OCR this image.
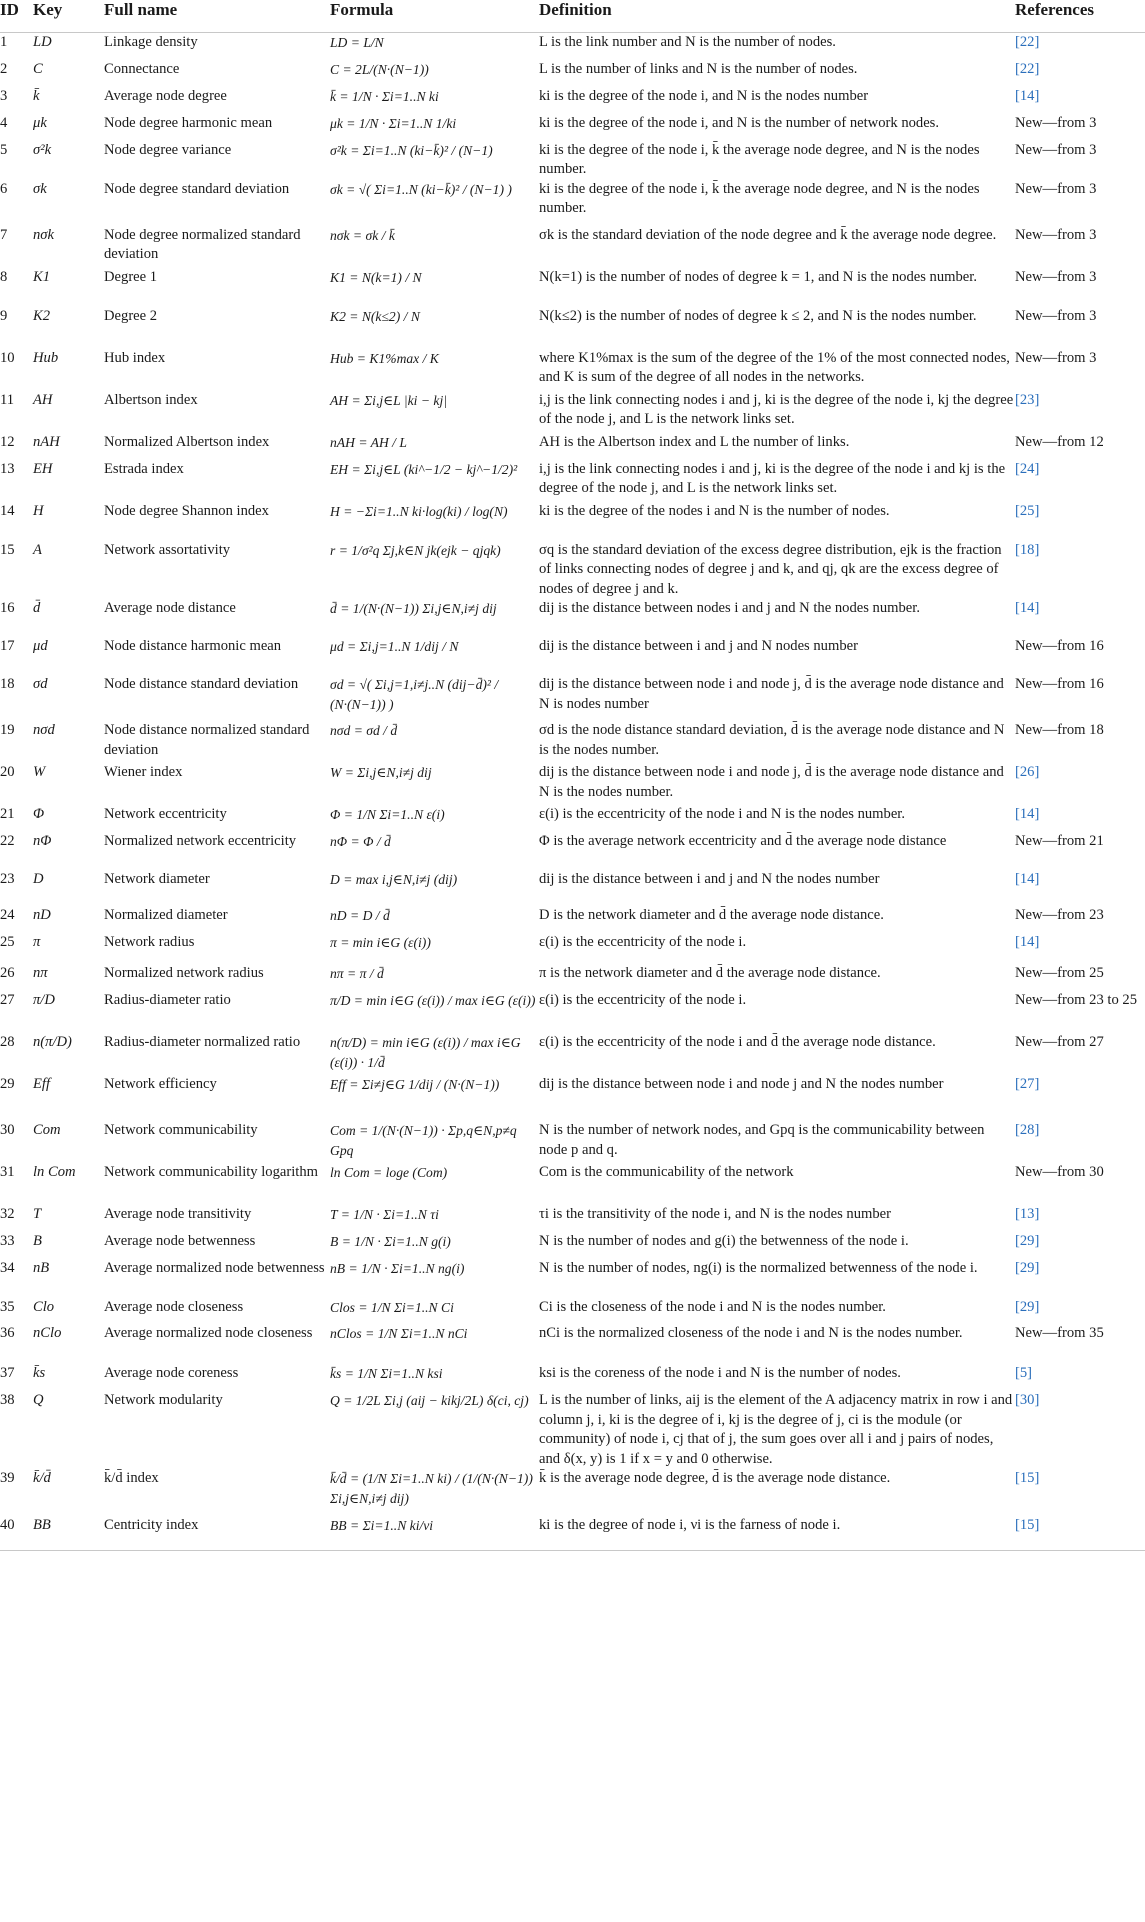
ID	Key	Full name	Formula	Definition	References
1	LD	Linkage density	LD = L/N	L is the link number and N is the number of nodes.	[22]
2	C	Connectance	C = 2L/(N·(N−1))	L is the number of links and N is the number of nodes.	[22]
3	k̄	Average node degree	k̄ = 1/N · Σi=1..N ki	ki is the degree of the node i, and N is the nodes number	[14]
4	μk	Node degree harmonic mean	μk = 1/N · Σi=1..N 1/ki	ki is the degree of the node i, and N is the number of network nodes.	New—from 3
5	σ²k	Node degree variance	σ²k = Σi=1..N (ki−k̄)² / (N−1)	ki is the degree of the node i, k̄ the average node degree, and N is the nodes number.	New—from 3
6	σk	Node degree standard deviation	σk = √( Σi=1..N (ki−k̄)² / (N−1) )	ki is the degree of the node i, k̄ the average node degree, and N is the nodes number.	New—from 3
7	nσk	Node degree normalized standard deviation	nσk = σk / k̄	σk is the standard deviation of the node degree and k̄ the average node degree.	New—from 3
8	K1	Degree 1	K1 = N(k=1) / N	N(k=1) is the number of nodes of degree k = 1, and N is the nodes number.	New—from 3
9	K2	Degree 2	K2 = N(k≤2) / N	N(k≤2) is the number of nodes of degree k ≤ 2, and N is the nodes number.	New—from 3
10	Hub	Hub index	Hub = K1%max / K	where K1%max is the sum of the degree of the 1% of the most connected nodes, and K is sum of the degree of all nodes in the networks.	New—from 3
11	AH	Albertson index	AH = Σi,j∈L |ki − kj|	i,j is the link connecting nodes i and j, ki is the degree of the node i, kj the degree of the node j, and L is the network links set.	[23]
12	nAH	Normalized Albertson index	nAH = AH / L	AH is the Albertson index and L the number of links.	New—from 12
13	EH	Estrada index	EH = Σi,j∈L (ki^−1/2 − kj^−1/2)²	i,j is the link connecting nodes i and j, ki is the degree of the node i and kj is the degree of the node j, and L is the network links set.	[24]
14	H	Node degree Shannon index	H = −Σi=1..N ki·log(ki) / log(N)	ki is the degree of the nodes i and N is the number of nodes.	[25]
15	A	Network assortativity	r = 1/σ²q Σj,k∈N jk(ejk − qjqk)	σq is the standard deviation of the excess degree distribution, ejk is the fraction of links connecting nodes of degree j and k, and qj, qk are the excess degree of nodes of degree j and k.	[18]
16	d̄	Average node distance	d̄ = 1/(N·(N−1)) Σi,j∈N,i≠j dij	dij is the distance between nodes i and j and N the nodes number.	[14]
17	μd	Node distance harmonic mean	μd = Σi,j=1..N 1/dij / N	dij is the distance between i and j and N nodes number	New—from 16
18	σd	Node distance standard deviation	σd = √( Σi,j=1,i≠j..N (dij−d̄)² / (N·(N−1)) )	dij is the distance between node i and node j, d̄ is the average node distance and N is nodes number	New—from 16
19	nσd	Node distance normalized standard deviation	nσd = σd / d̄	σd is the node distance standard deviation, d̄ is the average node distance and N is the nodes number.	New—from 18
20	W	Wiener index	W = Σi,j∈N,i≠j dij	dij is the distance between node i and node j, d̄ is the average node distance and N is the nodes number.	[26]
21	Φ	Network eccentricity	Φ = 1/N Σi=1..N ε(i)	ε(i) is the eccentricity of the node i and N is the nodes number.	[14]
22	nΦ	Normalized network eccentricity	nΦ = Φ / d̄	Φ is the average network eccentricity and d̄ the average node distance	New—from 21
23	D	Network diameter	D = max i,j∈N,i≠j (dij)	dij is the distance between i and j and N the nodes number	[14]
24	nD	Normalized diameter	nD = D / d̄	D is the network diameter and d̄ the average node distance.	New—from 23
25	π	Network radius	π = min i∈G (ε(i))	ε(i) is the eccentricity of the node i.	[14]
26	nπ	Normalized network radius	nπ = π / d̄	π is the network diameter and d̄ the average node distance.	New—from 25
27	π/D	Radius-diameter ratio	π/D = min i∈G (ε(i)) / max i∈G (ε(i))	ε(i) is the eccentricity of the node i.	New—from 23 to 25
28	n(π/D)	Radius-diameter normalized ratio	n(π/D) = min i∈G (ε(i)) / max i∈G (ε(i)) · 1/d̄	ε(i) is the eccentricity of the node i and d̄ the average node distance.	New—from 27
29	Eff	Network efficiency	Eff = Σi≠j∈G 1/dij / (N·(N−1))	dij is the distance between node i and node j and N the nodes number	[27]
30	Com	Network communicability	Com = 1/(N·(N−1)) · Σp,q∈N,p≠q Gpq	N is the number of network nodes, and Gpq is the communicability between node p and q.	[28]
31	ln Com	Network communicability logarithm	ln Com = loge (Com)	Com is the communicability of the network	New—from 30
32	T	Average node transitivity	T = 1/N · Σi=1..N τi	τi is the transitivity of the node i, and N is the nodes number	[13]
33	B	Average node betwenness	B = 1/N · Σi=1..N g(i)	N is the number of nodes and g(i) the betwenness of the node i.	[29]
34	nB	Average normalized node betwenness	nB = 1/N · Σi=1..N ng(i)	N is the number of nodes, ng(i) is the normalized betwenness of the node i.	[29]
35	Clo	Average node closeness	Clos = 1/N Σi=1..N Ci	Ci is the closeness of the node i and N is the nodes number.	[29]
36	nClo	Average normalized node closeness	nClos = 1/N Σi=1..N nCi	nCi is the normalized closeness of the node i and N is the nodes number.	New—from 35
37	k̄s	Average node coreness	k̄s = 1/N Σi=1..N ksi	ksi is the coreness of the node i and N is the number of nodes.	[5]
38	Q	Network modularity	Q = 1/2L Σi,j (aij − kikj/2L) δ(ci, cj)	L is the number of links, aij is the element of the A adjacency matrix in row i and column j, i, ki is the degree of i, kj is the degree of j, ci is the module (or community) of node i, cj that of j, the sum goes over all i and j pairs of nodes, and δ(x, y) is 1 if x = y and 0 otherwise.	[30]
39	k̄/d̄	k̄/d̄ index	k̄/d̄ = (1/N Σi=1..N ki) / (1/(N·(N−1)) Σi,j∈N,i≠j dij)	k̄ is the average node degree, d̄ is the average node distance.	[15]
40	BB	Centricity index	BB = Σi=1..N ki/νi	ki is the degree of node i, νi is the farness of node i.	[15]
